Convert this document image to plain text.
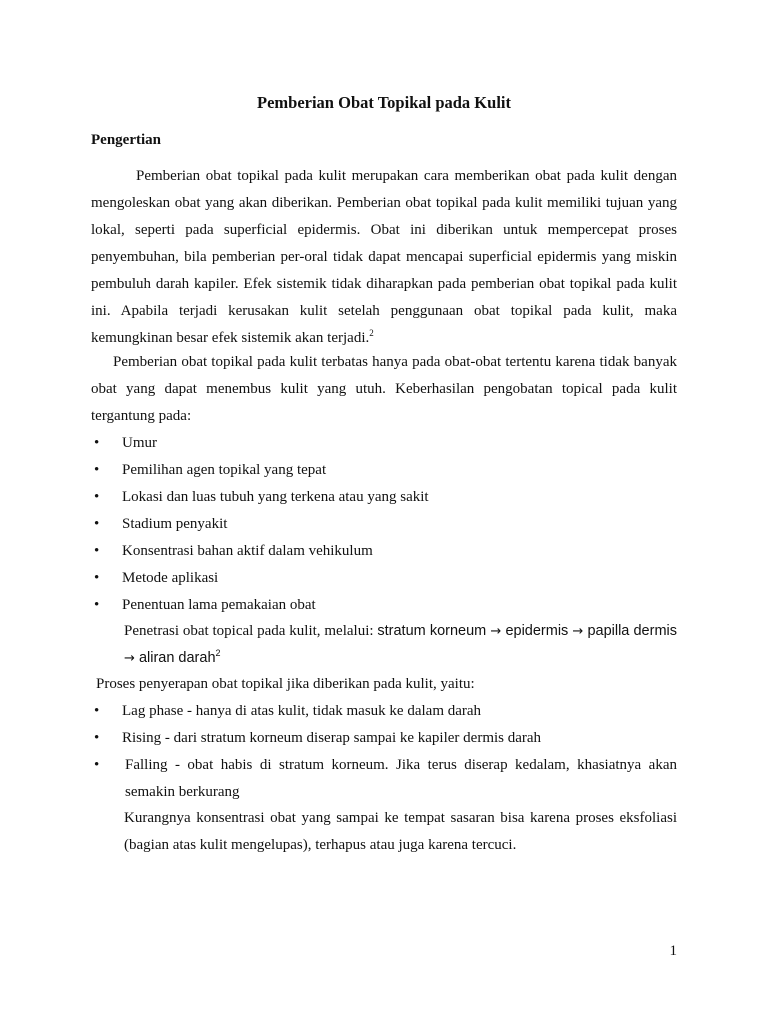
Pemberian Obat Topikal pada Kulit
Pengertian

Pemberian obat topikal pada kulit merupakan cara memberikan obat pada kulit dengan mengoleskan obat yang akan diberikan. Pemberian obat topikal pada kulit memiliki tujuan yang lokal, seperti pada superficial epidermis. Obat ini diberikan untuk mempercepat proses penyembuhan, bila pemberian per-oral tidak dapat mencapai superficial epidermis yang miskin pembuluh darah kapiler. Efek sistemik tidak diharapkan pada pemberian obat topikal pada kulit ini. Apabila terjadi kerusakan kulit setelah penggunaan obat topikal pada kulit, maka kemungkinan besar efek sistemik akan terjadi.$^2$

Pemberian obat topikal pada kulit terbatas hanya pada obat-obat tertentu karena tidak banyak obat yang dapat menembus kulit yang utuh. Keberhasilan pengobatan topical pada kulit tergantung pada:

• Umur
• Pemilihan agen topikal yang tepat
• Lokasi dan luas tubuh yang terkena atau yang sakit
• Stadium penyakit
• Konsentrasi bahan aktif dalam vehikulum
• Metode aplikasi
• Penentuan lama pemakaian obat

Penetrasi obat topical pada kulit, melalui: stratum korneum → epidermis → papilla dermis → aliran darah$^2$

Proses penyerapan obat topikal jika diberikan pada kulit, yaitu:

• Lag phase - hanya di atas kulit, tidak masuk ke dalam darah
• Rising - dari stratum korneum diserap sampai ke kapiler dermis darah
• Falling - obat habis di stratum korneum. Jika terus diserap kedalam, khasiatnya akan semakin berkurang

Kurangnya konsentrasi obat yang sampai ke tempat sasaran bisa karena proses eksfoliasi (bagian atas kulit mengelupas), terhapus atau juga karena tercuci.

1
